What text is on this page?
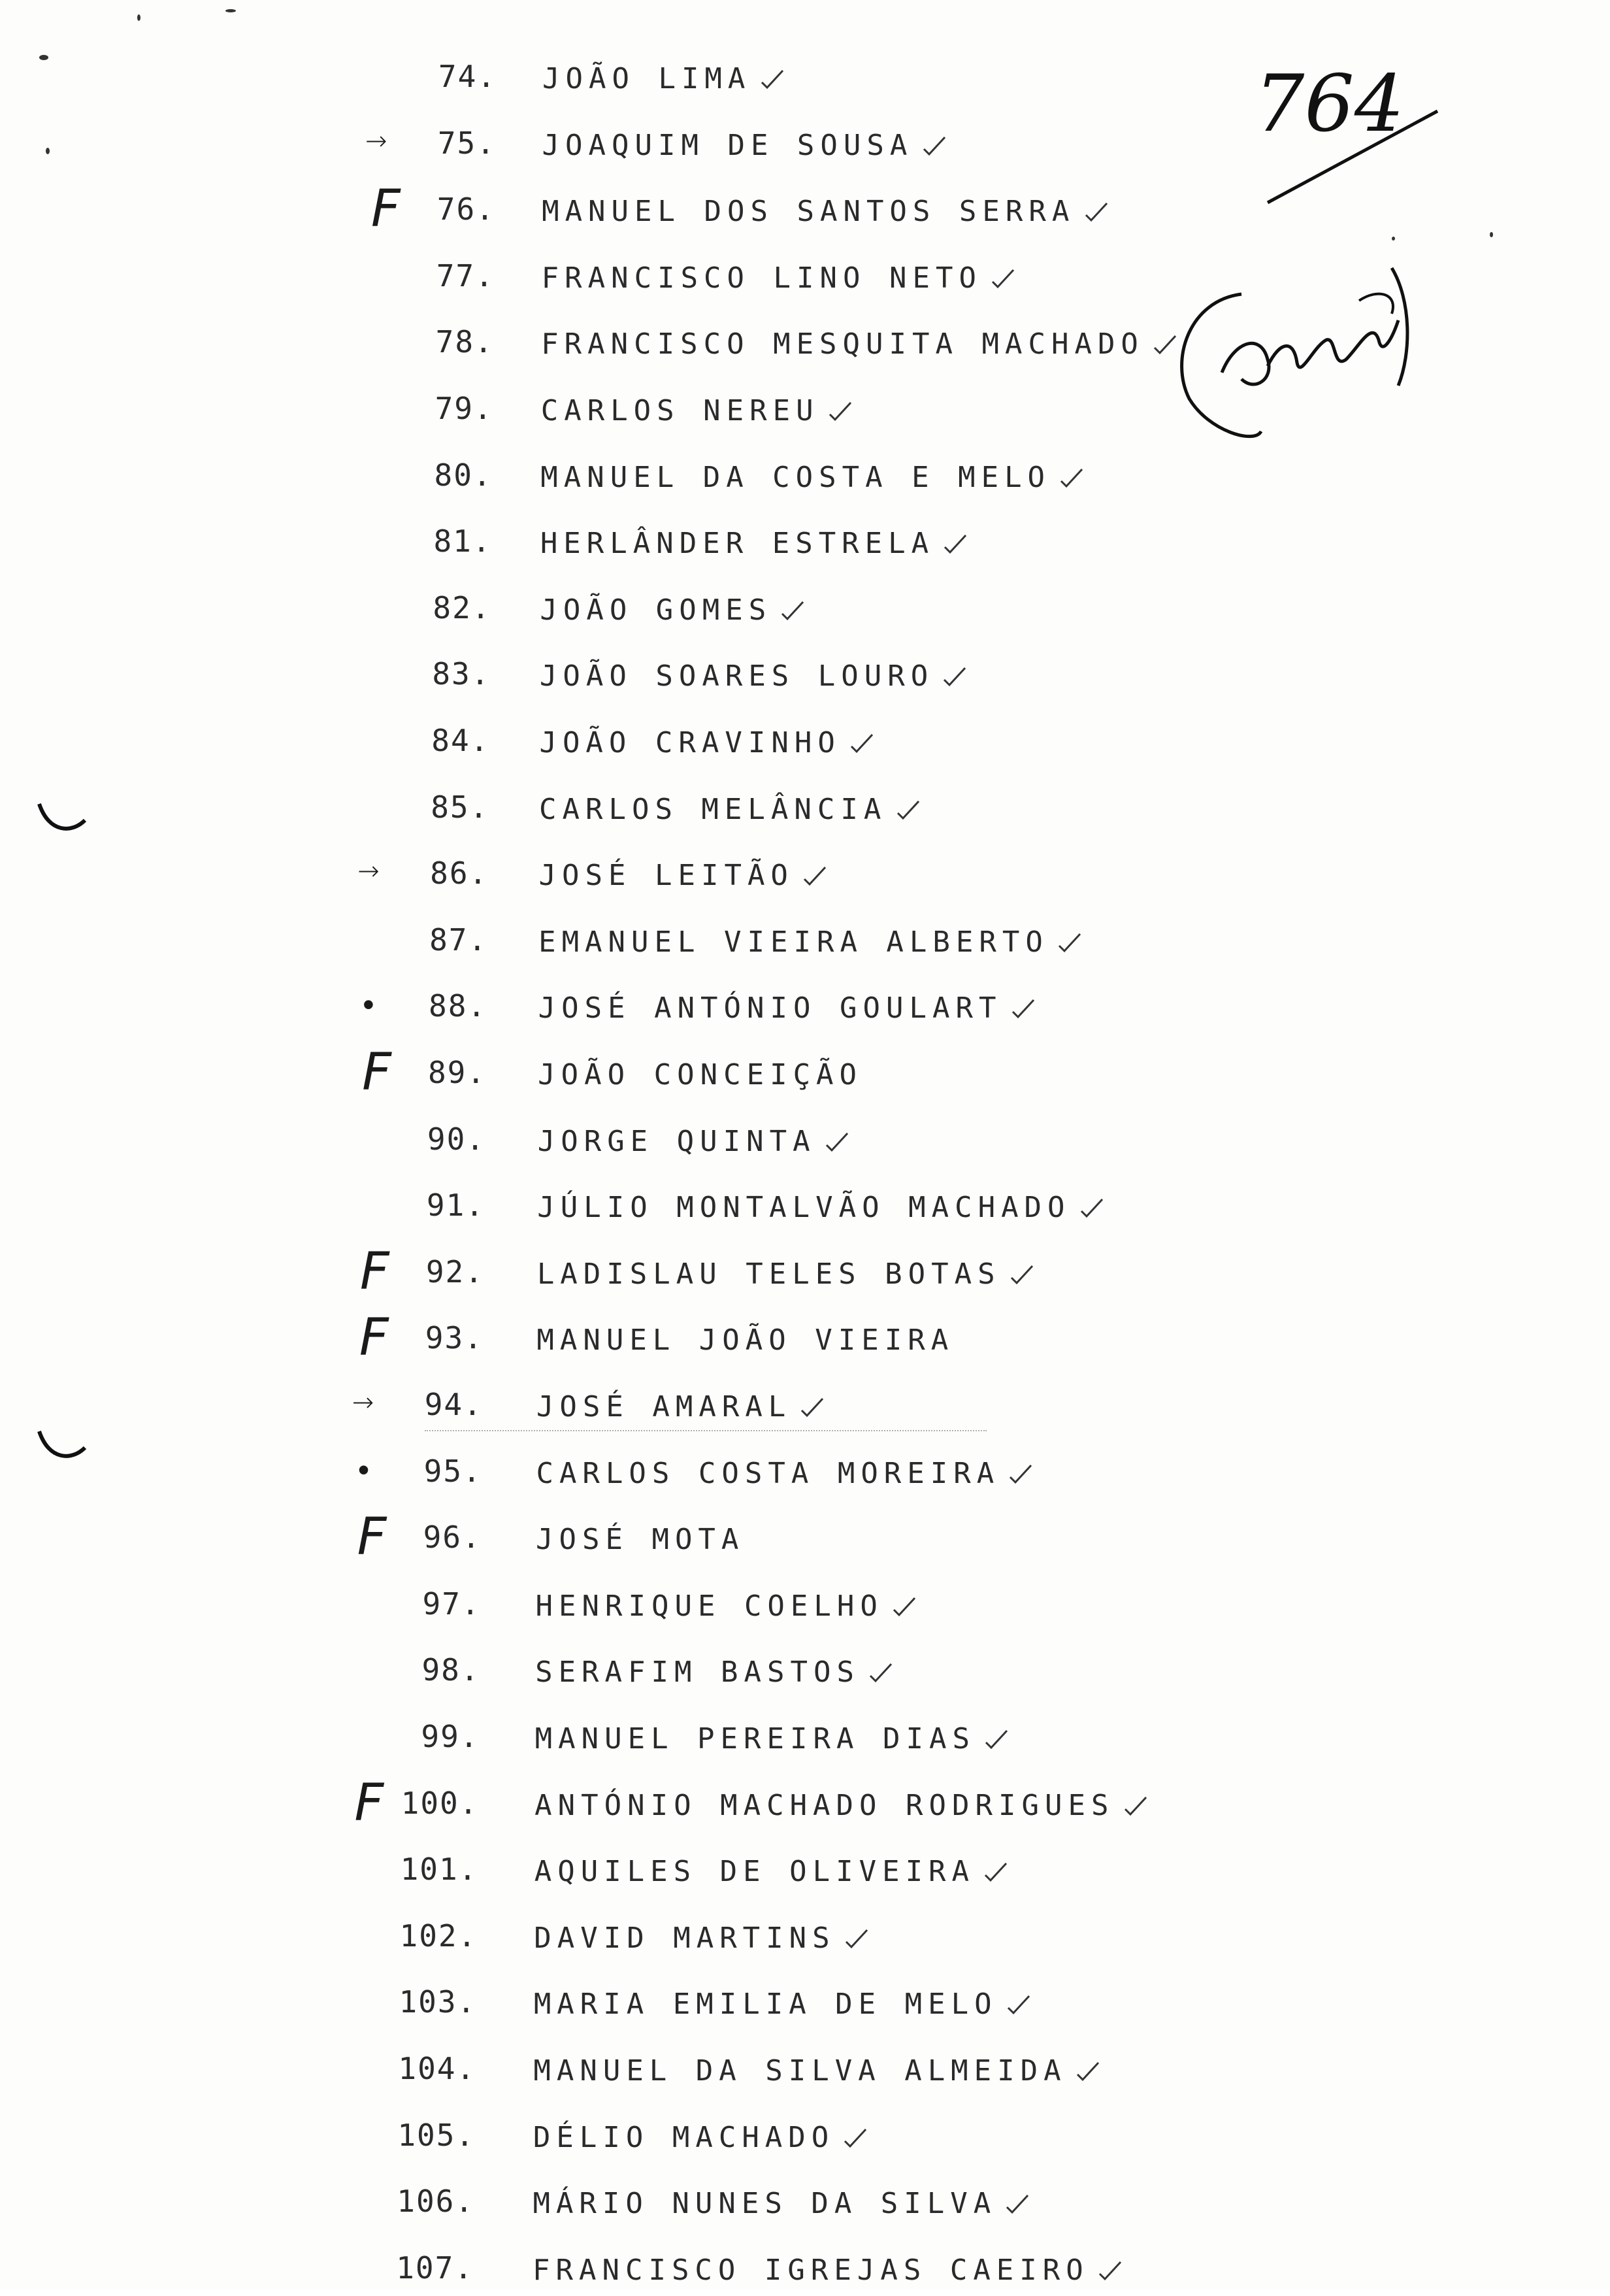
764
74. JOÃO LIMA
75. JOAQUIM DE SOUSA
→
76. MANUEL DOS SANTOS SERRA
F
77. FRANCISCO LINO NETO
78. FRANCISCO MESQUITA MACHADO
79. CARLOS NEREU
80. MANUEL DA COSTA E MELO
81. HERLÂNDER ESTRELA
82. JOÃO GOMES
83. JOÃO SOARES LOURO
84. JOÃO CRAVINHO
85. CARLOS MELÂNCIA
86. JOSÉ LEITÃO
→
87. EMANUEL VIEIRA ALBERTO
88. JOSÉ ANTÓNIO GOULART
•
89. JOÃO CONCEIÇÃO
F
90. JORGE QUINTA
91. JÚLIO MONTALVÃO MACHADO
92. LADISLAU TELES BOTAS
F
93. MANUEL JOÃO VIEIRA
F
94. JOSÉ AMARAL
→
95. CARLOS COSTA MOREIRA
•
96. JOSÉ MOTA
F
97. HENRIQUE COELHO
98. SERAFIM BASTOS
99. MANUEL PEREIRA DIAS
100. ANTÓNIO MACHADO RODRIGUES
F
101. AQUILES DE OLIVEIRA
102. DAVID MARTINS
103. MARIA EMILIA DE MELO
104. MANUEL DA SILVA ALMEIDA
105. DÉLIO MACHADO
106. MÁRIO NUNES DA SILVA
107. FRANCISCO IGREJAS CAEIRO
